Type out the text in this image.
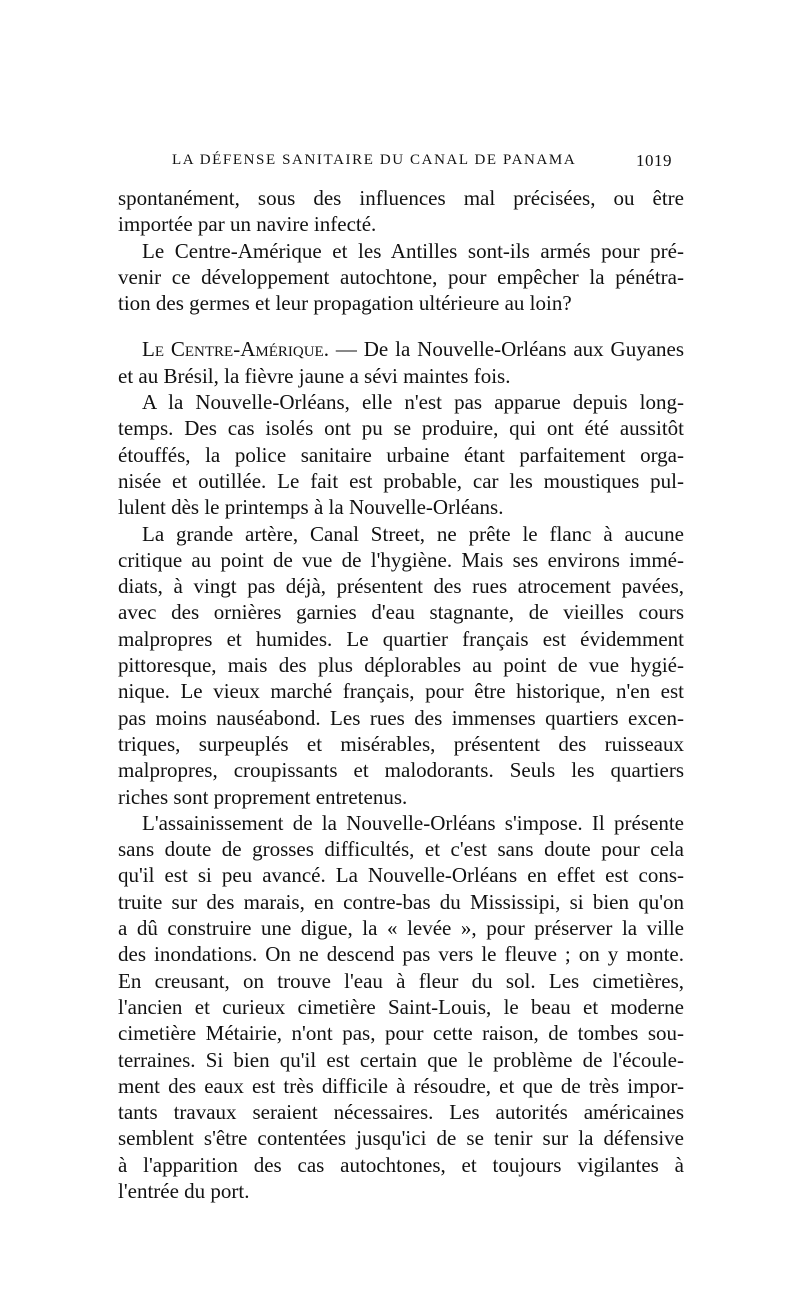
LA DÉFENSE SANITAIRE DU CANAL DE PANAMA	1019
spontanément, sous des influences mal précisées, ou être
importée par un navire infecté.
Le Centre-Amérique et les Antilles sont-ils armés pour pré-
venir ce développement autochtone, pour empêcher la pénétra-
tion des germes et leur propagation ultérieure au loin?
Le Centre-Amérique. — De la Nouvelle-Orléans aux Guyanes
et au Brésil, la fièvre jaune a sévi maintes fois.
A la Nouvelle-Orléans, elle n'est pas apparue depuis long-
temps. Des cas isolés ont pu se produire, qui ont été aussitôt
étouffés, la police sanitaire urbaine étant parfaitement orga-
nisée et outillée. Le fait est probable, car les moustiques pul-
lulent dès le printemps à la Nouvelle-Orléans.
La grande artère, Canal Street, ne prête le flanc à aucune
critique au point de vue de l'hygiène. Mais ses environs immé-
diats, à vingt pas déjà, présentent des rues atrocement pavées,
avec des ornières garnies d'eau stagnante, de vieilles cours
malpropres et humides. Le quartier français est évidemment
pittoresque, mais des plus déplorables au point de vue hygié-
nique. Le vieux marché français, pour être historique, n'en est
pas moins nauséabond. Les rues des immenses quartiers excen-
triques, surpeuplés et misérables, présentent des ruisseaux
malpropres, croupissants et malodorants. Seuls les quartiers
riches sont proprement entretenus.
L'assainissement de la Nouvelle-Orléans s'impose. Il présente
sans doute de grosses difficultés, et c'est sans doute pour cela
qu'il est si peu avancé. La Nouvelle-Orléans en effet est cons-
truite sur des marais, en contre-bas du Mississipi, si bien qu'on
a dû construire une digue, la « levée », pour préserver la ville
des inondations. On ne descend pas vers le fleuve ; on y monte.
En creusant, on trouve l'eau à fleur du sol. Les cimetières,
l'ancien et curieux cimetière Saint-Louis, le beau et moderne
cimetière Métairie, n'ont pas, pour cette raison, de tombes sou-
terraines. Si bien qu'il est certain que le problème de l'écoule-
ment des eaux est très difficile à résoudre, et que de très impor-
tants travaux seraient nécessaires. Les autorités américaines
semblent s'être contentées jusqu'ici de se tenir sur la défensive
à l'apparition des cas autochtones, et toujours vigilantes à
l'entrée du port.
